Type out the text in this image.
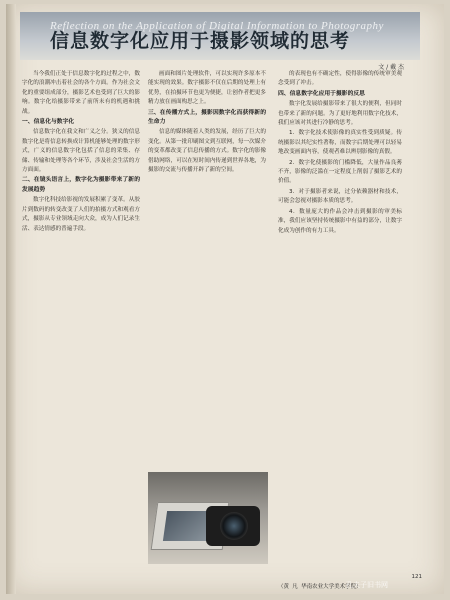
Reflection on the Application of Digital Information to Photography
信息数字化应用于摄影领域的思考
文 / 戴 杰

当今我们正处于信息数字化的过程之中，数字化的浪潮冲击着社会的各个方面。作为社会文化的重要组成部分，摄影艺术也受到了巨大的影响。数字化给摄影带来了前所未有的机遇和挑战。

一、信息化与数字化

信息数字化在我文和广义之分。狭义的信息数字化是将信息转换成计算机能够处理的数字形式，广义的信息数字化包括了信息的采集、存储、传输和处理等各个环节，涉及社会生活的方方面面。

二、在镜头语言上，数字化为摄影带来了新的发展趋势

数字化科技给影视的发展积累了变革。从胶片到数码的转变改变了人们的拍摄方式和观看方式，摄影从专业领域走向大众，成为人们记录生活、表达情感的普遍手段。

画面和图片处理软件，可以实现许多原本不能实现的效果。数字摄影不仅在后期的处理上有优势，在拍摄环节也更为便捷，让创作者把更多精力放在画面构思之上。

三、在传播方式上，摄影因数字化而获得新的生命力

信息的媒体随着人类的发展，经历了巨大的变化。从第一批印刷图文到互联网，每一次媒介的变革都改变了信息传播的方式。数字化的影像借助网络，可以在短时间内传递到世界各地，为摄影的交流与传播开辟了新的空间。

的表现也有不确定性，使得影像的传统审美观念受到了冲击。

四、信息数字化应用于摄影的反思

数字化发展给摄影带来了很大的便利，但同时也带来了新的问题。为了更好地利用数字化技术，我们应该对其进行冷静的思考。

1．数字化技术使影像的真实性受到质疑。传统摄影以其纪实性著称，而数字后期处理可以轻易地改变画面内容，使观者难以辨别影像的真假。

2．数字化使摄影的门槛降低，大量作品良莠不齐，影像的泛滥在一定程度上削弱了摄影艺术的价值。

3．对于摄影者来说，过分依赖器材和技术，可能会忽视对摄影本质的思考。

4．数量庞大的作品会冲击到摄影的审美标准，我们应该坚持传统摄影中有益的部分，让数字化成为创作的有力工具。

121
（黄 凡 华南农业大学美术学院）
孔夫子旧书网
